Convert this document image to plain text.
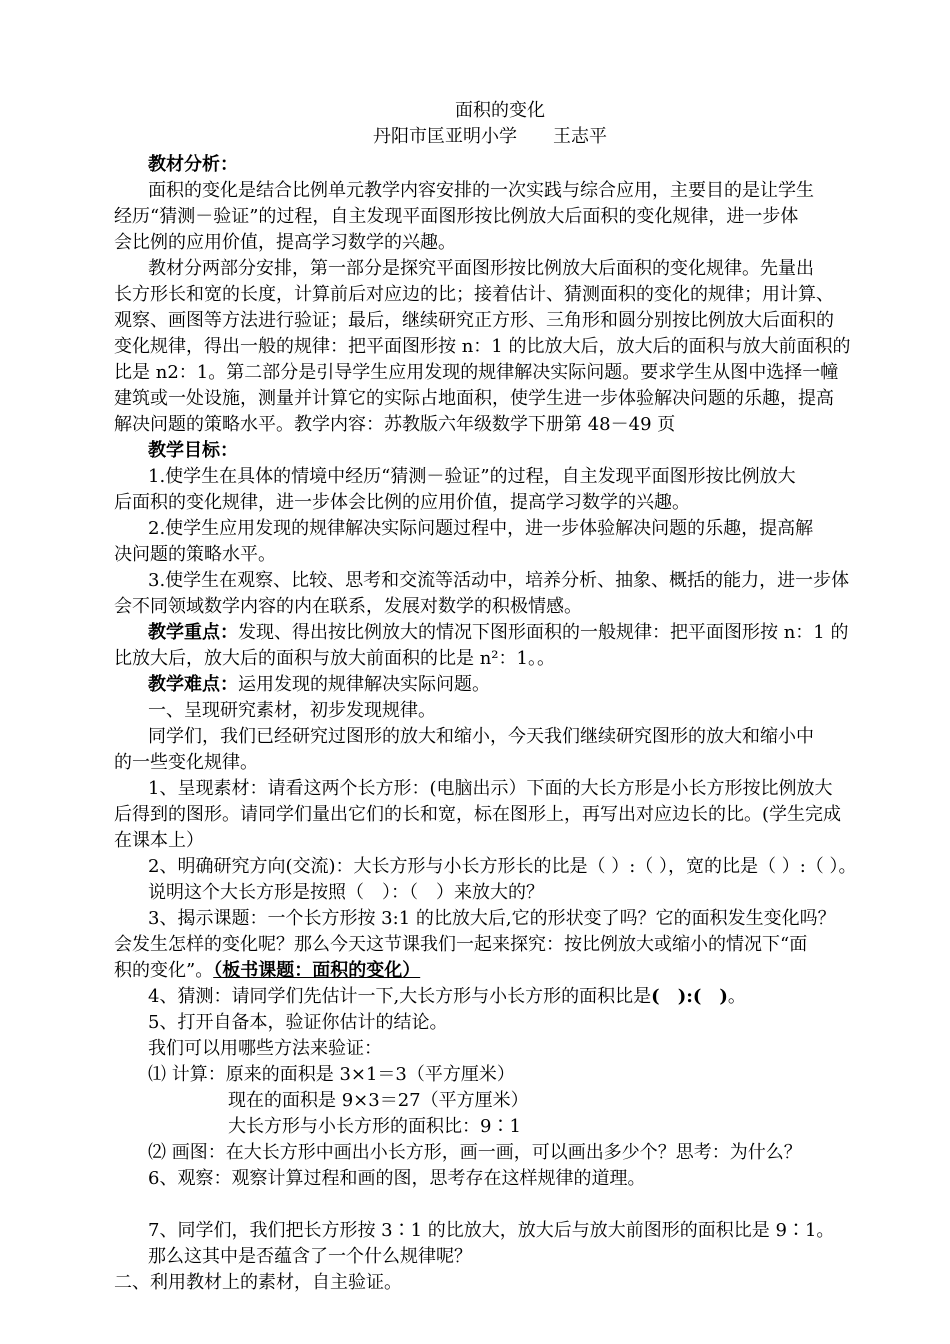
面积的变化
丹阳市匡亚明小学　　王志平
教材分析：
面积的变化是结合比例单元教学内容安排的一次实践与综合应用，主要目的是让学生
经历“猜测－验证”的过程，自主发现平面图形按比例放大后面积的变化规律，进一步体
会比例的应用价值，提高学习数学的兴趣。
教材分两部分安排，第一部分是探究平面图形按比例放大后面积的变化规律。先量出
长方形长和宽的长度，计算前后对应边的比；接着估计、猜测面积的变化的规律；用计算、
观察、画图等方法进行验证；最后，继续研究正方形、三角形和圆分别按比例放大后面积的
变化规律，得出一般的规律：把平面图形按 n：1 的比放大后，放大后的面积与放大前面积的
比是 n2：1。第二部分是引导学生应用发现的规律解决实际问题。要求学生从图中选择一幢
建筑或一处设施，测量并计算它的实际占地面积，使学生进一步体验解决问题的乐趣，提高
解决问题的策略水平。教学内容：苏教版六年级数学下册第 48－49 页
教学目标：
1.使学生在具体的情境中经历“猜测－验证”的过程，自主发现平面图形按比例放大
后面积的变化规律，进一步体会比例的应用价值，提高学习数学的兴趣。
2.使学生应用发现的规律解决实际问题过程中，进一步体验解决问题的乐趣，提高解
决问题的策略水平。
3.使学生在观察、比较、思考和交流等活动中，培养分析、抽象、概括的能力，进一步体
会不同领域数学内容的内在联系，发展对数学的积极情感。
教学重点：发现、得出按比例放大的情况下图形面积的一般规律：把平面图形按 n：1 的
比放大后，放大后的面积与放大前面积的比是 n²：1。。
教学难点：运用发现的规律解决实际问题。
一、呈现研究素材，初步发现规律。
同学们，我们已经研究过图形的放大和缩小，今天我们继续研究图形的放大和缩小中
的一些变化规律。
1、呈现素材：请看这两个长方形：(电脑出示）下面的大长方形是小长方形按比例放大
后得到的图形。请同学们量出它们的长和宽，标在图形上，再写出对应边长的比。(学生完成
在课本上）
2、明确研究方向(交流)：大长方形与小长方形长的比是（ ）:（ ），宽的比是（ ）:（ ）。
说明这个大长方形是按照（　）：（　）来放大的？
3、揭示课题：一个长方形按 3:1 的比放大后,它的形状变了吗？它的面积发生变化吗？
会发生怎样的变化呢？那么今天这节课我们一起来探究：按比例放大或缩小的情况下“面
积的变化”。（板书课题：面积的变化）
4、猜测：请同学们先估计一下,大长方形与小长方形的面积比是(　):(　)。
5、打开自备本，验证你估计的结论。
我们可以用哪些方法来验证：
⑴ 计算：原来的面积是 3×1＝3（平方厘米）
现在的面积是 9×3＝27（平方厘米）
大长方形与小长方形的面积比：9∶1
⑵ 画图：在大长方形中画出小长方形，画一画，可以画出多少个？思考：为什么？
6、观察：观察计算过程和画的图，思考存在这样规律的道理。
7、同学们，我们把长方形按 3∶1 的比放大，放大后与放大前图形的面积比是 9∶1。
那么这其中是否蕴含了一个什么规律呢？
二、利用教材上的素材，自主验证。
